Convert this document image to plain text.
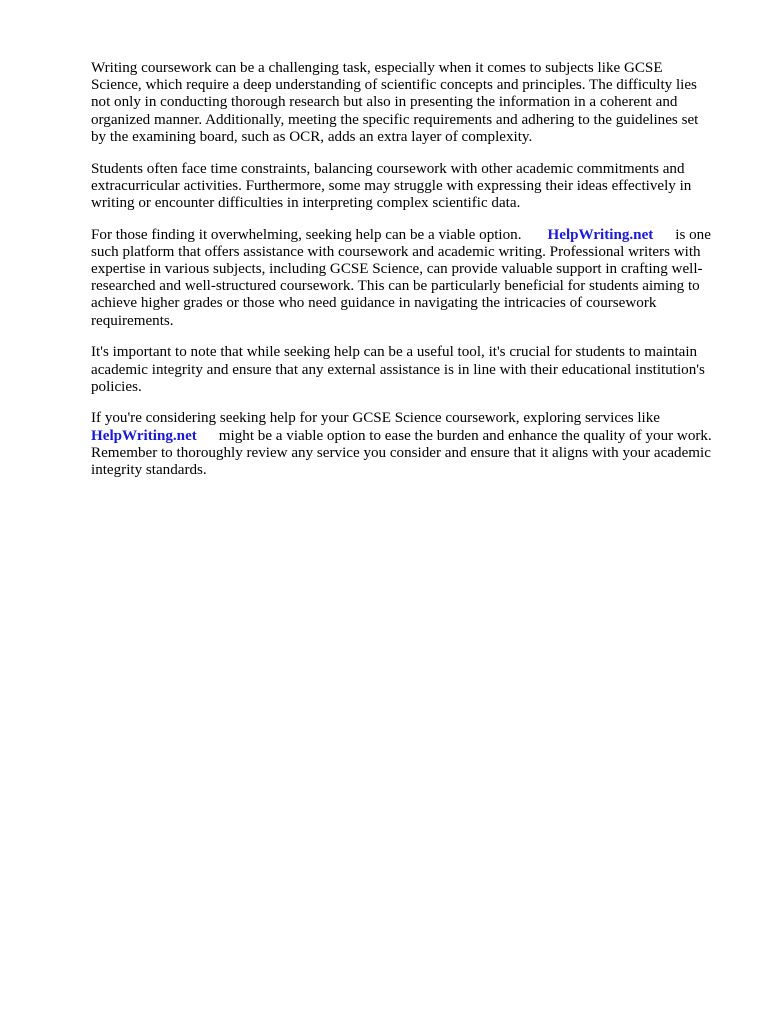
Writing coursework can be a challenging task, especially when it comes to subjects like GCSE Science, which require a deep understanding of scientific concepts and principles. The difficulty lies not only in conducting thorough research but also in presenting the information in a coherent and organized manner. Additionally, meeting the specific requirements and adhering to the guidelines set by the examining board, such as OCR, adds an extra layer of complexity.

Students often face time constraints, balancing coursework with other academic commitments and extracurricular activities. Furthermore, some may struggle with expressing their ideas effectively in writing or encounter difficulties in interpreting complex scientific data.

For those finding it overwhelming, seeking help can be a viable option. HelpWriting.net is one such platform that offers assistance with coursework and academic writing. Professional writers with expertise in various subjects, including GCSE Science, can provide valuable support in crafting well-researched and well-structured coursework. This can be particularly beneficial for students aiming to achieve higher grades or those who need guidance in navigating the intricacies of coursework requirements.

It's important to note that while seeking help can be a useful tool, it's crucial for students to maintain academic integrity and ensure that any external assistance is in line with their educational institution's policies.

If you're considering seeking help for your GCSE Science coursework, exploring services like HelpWriting.net might be a viable option to ease the burden and enhance the quality of your work. Remember to thoroughly review any service you consider and ensure that it aligns with your academic integrity standards.
